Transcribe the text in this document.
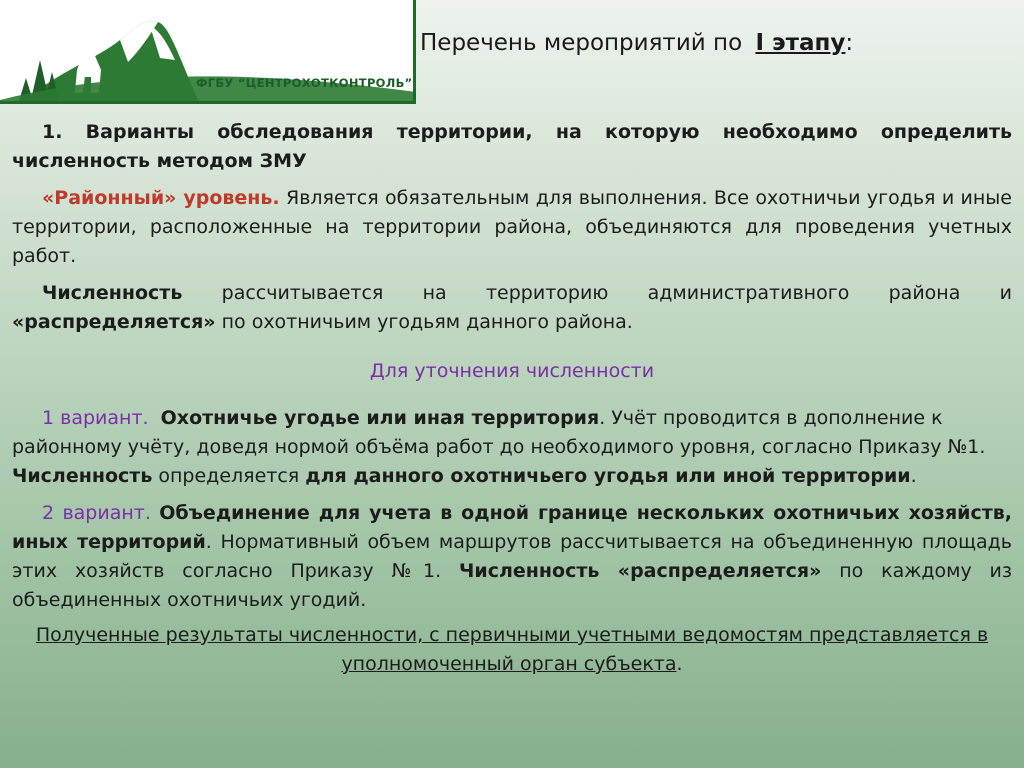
ФГБУ “ЦЕНТРОХОТКОНТРОЛЬ”
Перечень мероприятий по I этапу:

1. Варианты обследования территории, на которую необходимо определить численность методом ЗМУ

«Районный» уровень. Является обязательным для выполнения. Все охотничьи угодья и иные территории, расположенные на территории района, объединяются для проведения учетных работ.

Численность рассчитывается на территорию административного района и «распределяется» по охотничьим угодьям данного района.

Для уточнения численности

1 вариант. Охотничье угодье или иная территория. Учёт проводится в дополнение к районному учёту, доведя нормой объёма работ до необходимого уровня, согласно Приказу №1. Численность определяется для данного охотничьего угодья или иной территории.

2 вариант. Объединение для учета в одной границе нескольких охотничьих хозяйств, иных территорий. Нормативный объем маршрутов рассчитывается на объединенную площадь этих хозяйств согласно Приказу №1. Численность «распределяется» по каждому из объединенных охотничьих угодий.

Полученные результаты численности, с первичными учетными ведомостям представляется в уполномоченный орган субъекта.
